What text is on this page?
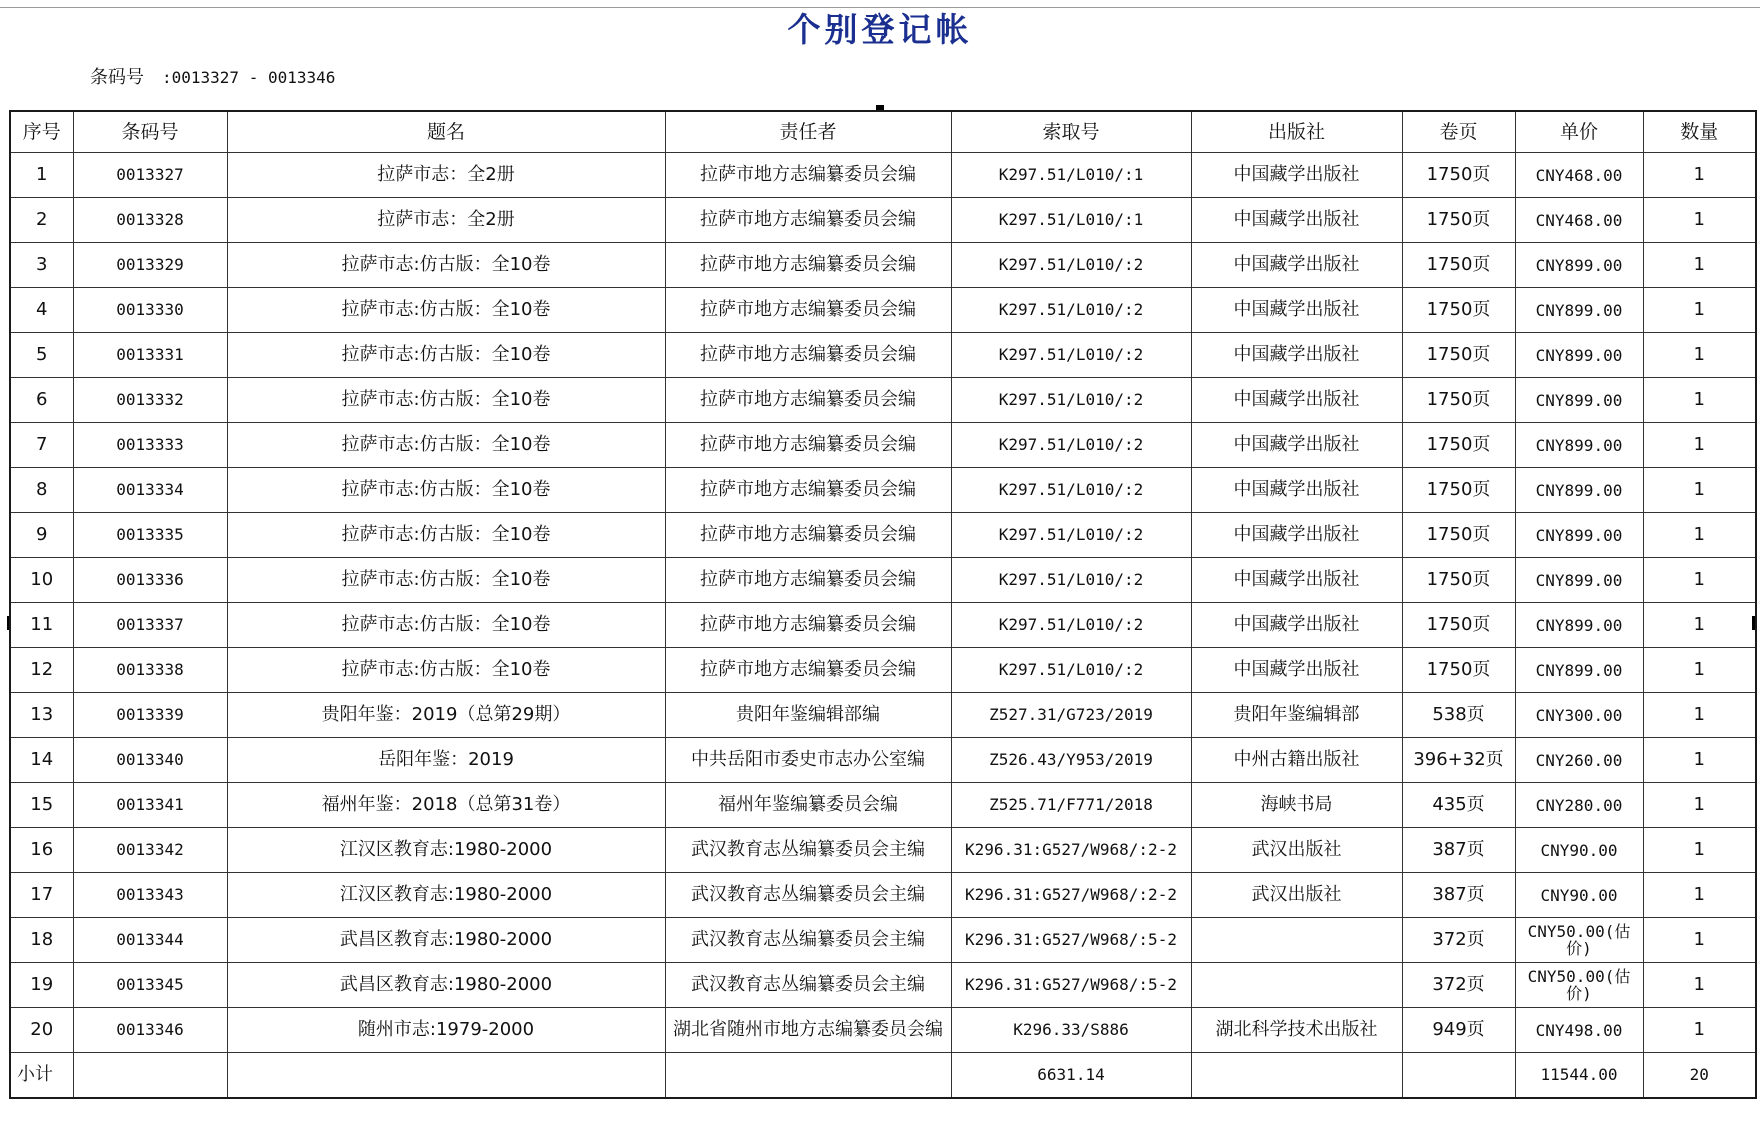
个别登记帐
条码号 :0013327 - 0013346
序号	条码号	题名	责任者	索取号	出版社	卷页	单价	数量
1	0013327	拉萨市志：全2册	拉萨市地方志编纂委员会编	K297.51/L010/:1	中国藏学出版社	1750页	CNY468.00	1
2	0013328	拉萨市志：全2册	拉萨市地方志编纂委员会编	K297.51/L010/:1	中国藏学出版社	1750页	CNY468.00	1
3	0013329	拉萨市志:仿古版：全10卷	拉萨市地方志编纂委员会编	K297.51/L010/:2	中国藏学出版社	1750页	CNY899.00	1
4	0013330	拉萨市志:仿古版：全10卷	拉萨市地方志编纂委员会编	K297.51/L010/:2	中国藏学出版社	1750页	CNY899.00	1
5	0013331	拉萨市志:仿古版：全10卷	拉萨市地方志编纂委员会编	K297.51/L010/:2	中国藏学出版社	1750页	CNY899.00	1
6	0013332	拉萨市志:仿古版：全10卷	拉萨市地方志编纂委员会编	K297.51/L010/:2	中国藏学出版社	1750页	CNY899.00	1
7	0013333	拉萨市志:仿古版：全10卷	拉萨市地方志编纂委员会编	K297.51/L010/:2	中国藏学出版社	1750页	CNY899.00	1
8	0013334	拉萨市志:仿古版：全10卷	拉萨市地方志编纂委员会编	K297.51/L010/:2	中国藏学出版社	1750页	CNY899.00	1
9	0013335	拉萨市志:仿古版：全10卷	拉萨市地方志编纂委员会编	K297.51/L010/:2	中国藏学出版社	1750页	CNY899.00	1
10	0013336	拉萨市志:仿古版：全10卷	拉萨市地方志编纂委员会编	K297.51/L010/:2	中国藏学出版社	1750页	CNY899.00	1
11	0013337	拉萨市志:仿古版：全10卷	拉萨市地方志编纂委员会编	K297.51/L010/:2	中国藏学出版社	1750页	CNY899.00	1
12	0013338	拉萨市志:仿古版：全10卷	拉萨市地方志编纂委员会编	K297.51/L010/:2	中国藏学出版社	1750页	CNY899.00	1
13	0013339	贵阳年鉴：2019（总第29期）	贵阳年鉴编辑部编	Z527.31/G723/2019	贵阳年鉴编辑部	538页	CNY300.00	1
14	0013340	岳阳年鉴：2019	中共岳阳市委史市志办公室编	Z526.43/Y953/2019	中州古籍出版社	396+32页	CNY260.00	1
15	0013341	福州年鉴：2018（总第31卷）	福州年鉴编纂委员会编	Z525.71/F771/2018	海峡书局	435页	CNY280.00	1
16	0013342	江汉区教育志:1980-2000	武汉教育志丛编纂委员会主编	K296.31:G527/W968/:2-2	武汉出版社	387页	CNY90.00	1
17	0013343	江汉区教育志:1980-2000	武汉教育志丛编纂委员会主编	K296.31:G527/W968/:2-2	武汉出版社	387页	CNY90.00	1
18	0013344	武昌区教育志:1980-2000	武汉教育志丛编纂委员会主编	K296.31:G527/W968/:5-2		372页	CNY50.00(估价)	1
19	0013345	武昌区教育志:1980-2000	武汉教育志丛编纂委员会主编	K296.31:G527/W968/:5-2		372页	CNY50.00(估价)	1
20	0013346	随州市志:1979-2000	湖北省随州市地方志编纂委员会编	K296.33/S886	湖北科学技术出版社	949页	CNY498.00	1
小计				6631.14			11544.00	20
